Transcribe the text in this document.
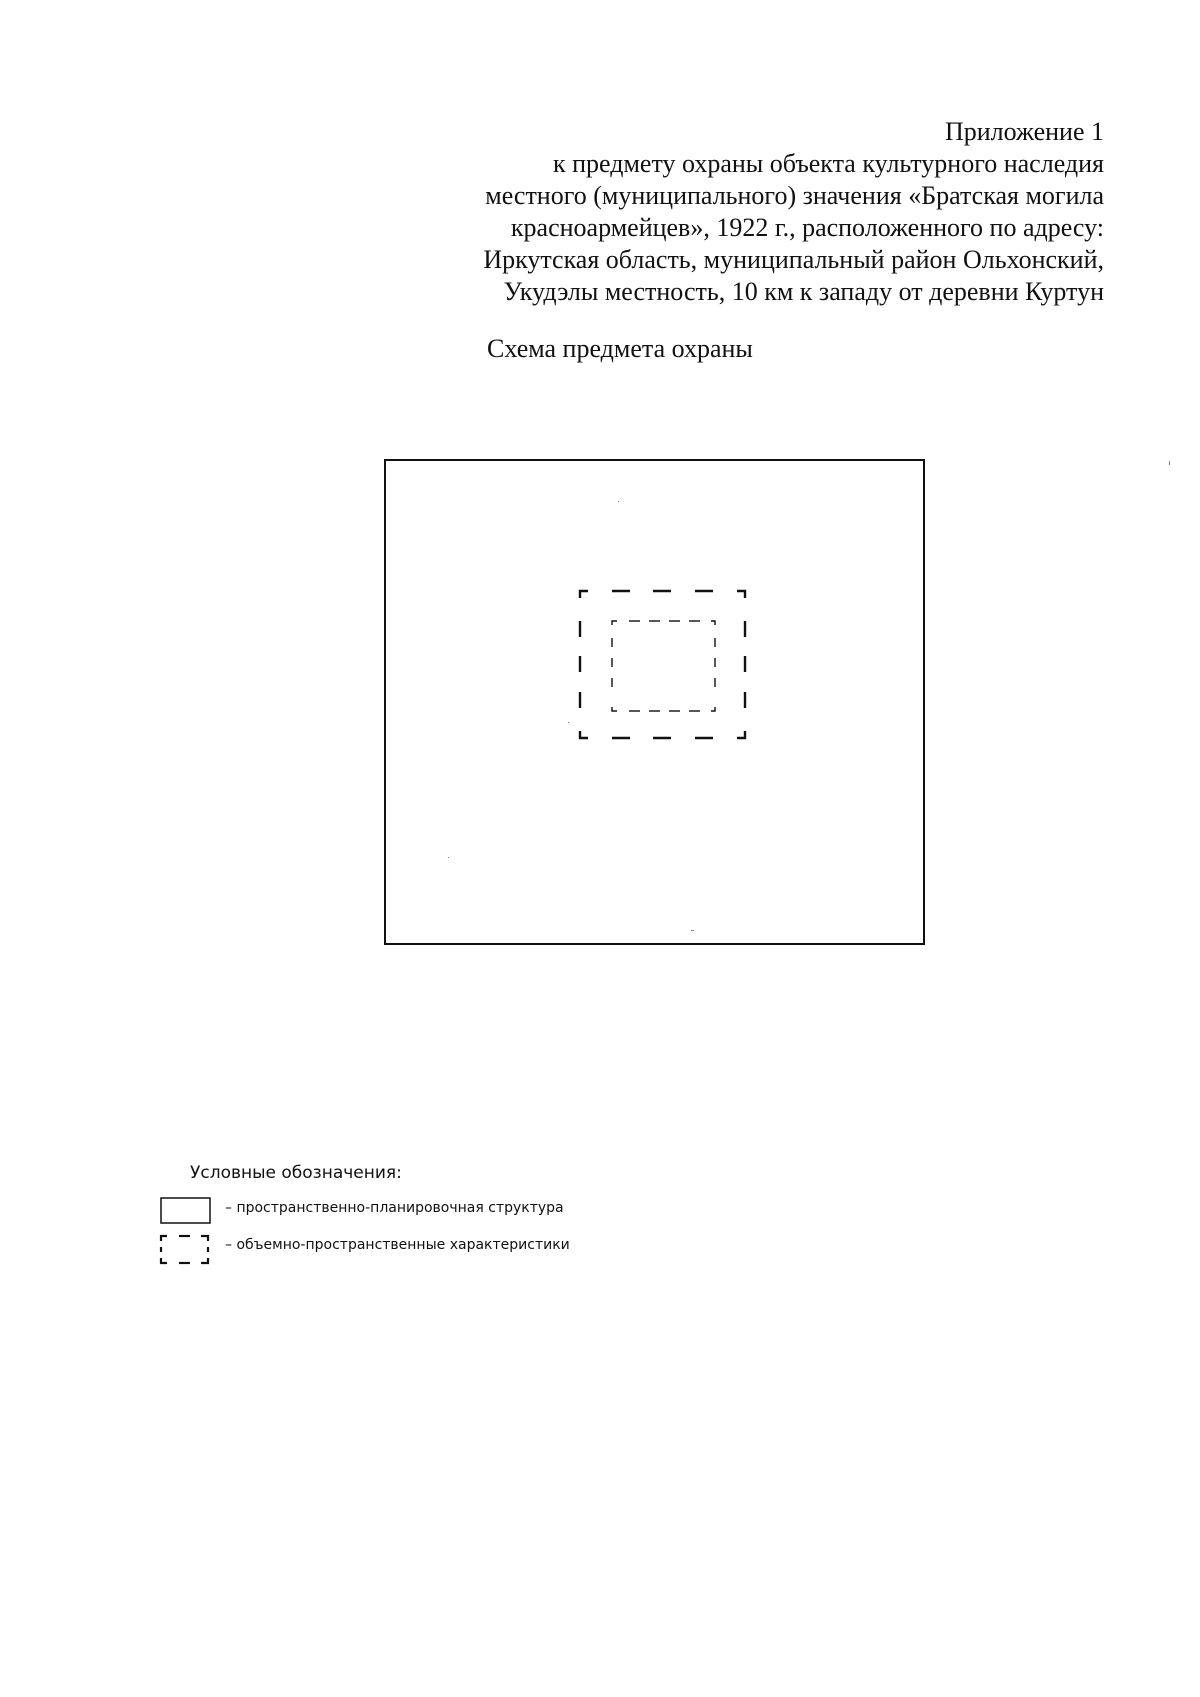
Приложение 1
к предмету охраны объекта культурного наследия
местного (муниципального) значения «Братская могила
красноармейцев», 1922 г., расположенного по адресу:
Иркутская область, муниципальный район Ольхонский,
Укудэлы местность, 10 км к западу от деревни Куртун
Схема предмета охраны
Условные обозначения:
– пространственно-планировочная структура
– объемно-пространственные характеристики
